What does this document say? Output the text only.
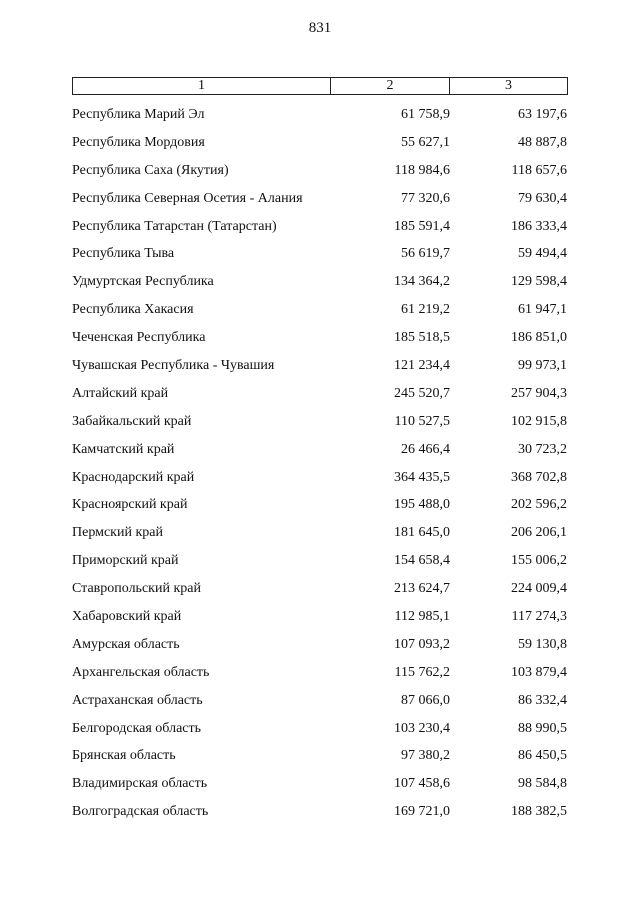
831
1	2	3
Республика Марий Эл	61 758,9	63 197,6
Республика Мордовия	55 627,1	48 887,8
Республика Саха (Якутия)	118 984,6	118 657,6
Республика Северная Осетия - Алания	77 320,6	79 630,4
Республика Татарстан (Татарстан)	185 591,4	186 333,4
Республика Тыва	56 619,7	59 494,4
Удмуртская Республика	134 364,2	129 598,4
Республика Хакасия	61 219,2	61 947,1
Чеченская Республика	185 518,5	186 851,0
Чувашская Республика - Чувашия	121 234,4	99 973,1
Алтайский край	245 520,7	257 904,3
Забайкальский край	110 527,5	102 915,8
Камчатский край	26 466,4	30 723,2
Краснодарский край	364 435,5	368 702,8
Красноярский край	195 488,0	202 596,2
Пермский край	181 645,0	206 206,1
Приморский край	154 658,4	155 006,2
Ставропольский край	213 624,7	224 009,4
Хабаровский край	112 985,1	117 274,3
Амурская область	107 093,2	59 130,8
Архангельская область	115 762,2	103 879,4
Астраханская область	87 066,0	86 332,4
Белгородская область	103 230,4	88 990,5
Брянская область	97 380,2	86 450,5
Владимирская область	107 458,6	98 584,8
Волгоградская область	169 721,0	188 382,5
